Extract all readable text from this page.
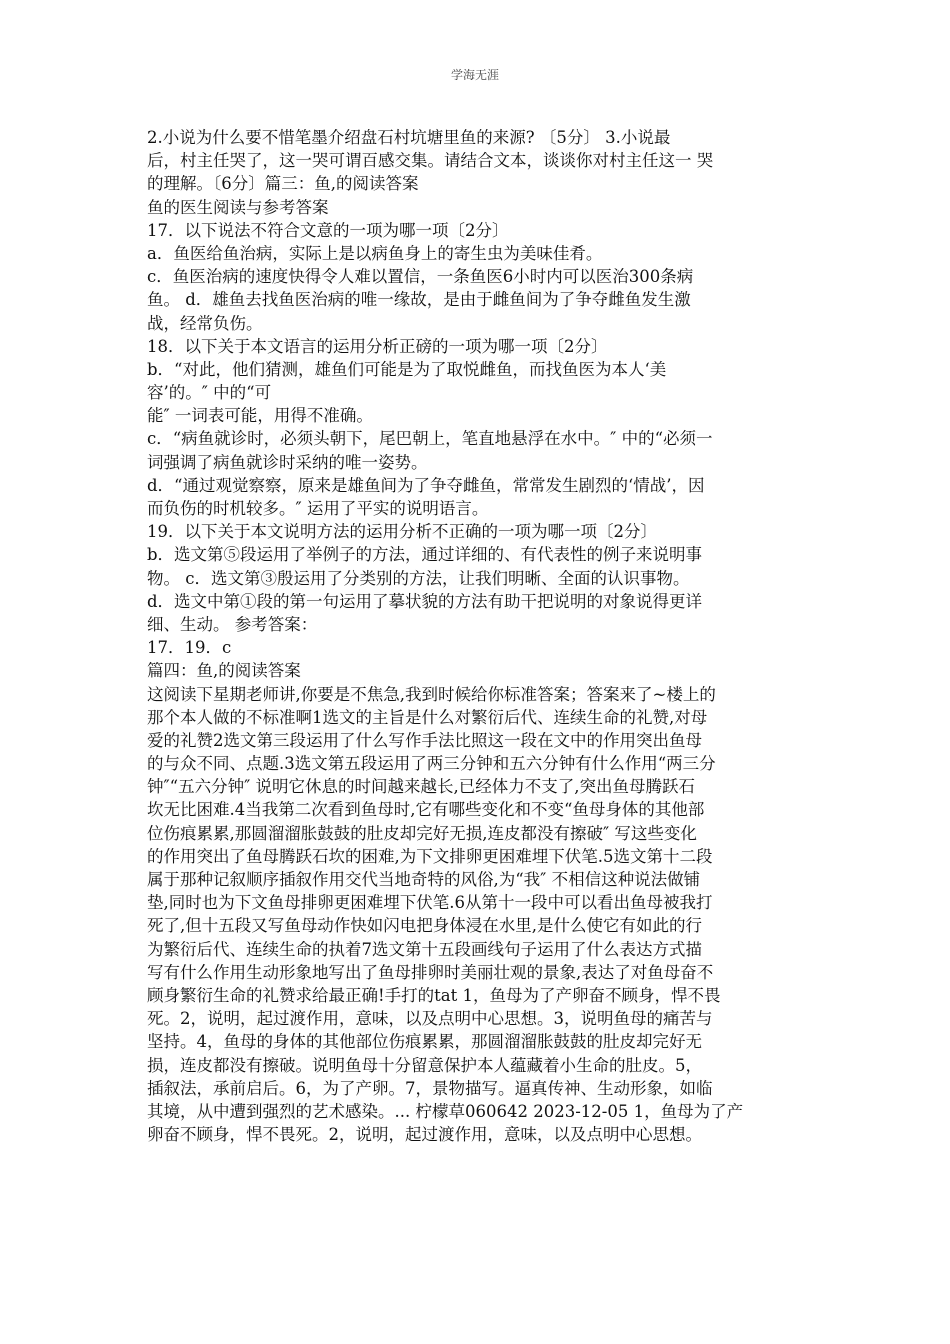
学海无涯
2.小说为什么要不惜笔墨介绍盘石村坑塘里鱼的来源? 〔5分〕 3.小说最
后，村主任哭了，这一哭可谓百感交集。请结合文本，谈谈你对村主任这一 哭
的理解。〔6分〕篇三：鱼,的阅读答案
鱼的医生阅读与参考答案
17．以下说法不符合文意的一项为哪一项〔2分〕
a．鱼医给鱼治病，实际上是以病鱼身上的寄生虫为美味佳肴。
c．鱼医治病的速度快得令人难以置信，一条鱼医6小时内可以医治300条病
鱼。 d．雄鱼去找鱼医治病的唯一缘故，是由于雌鱼间为了争夺雌鱼发生激
战，经常负伤。
18．以下关于本文语言的运用分析正磅的一项为哪一项〔2分〕
b．“对此，他们猜测，雄鱼们可能是为了取悦雌鱼，而找鱼医为本人‘美
容’的。″ 中的“可
能″ 一词表可能，用得不准确。
c．“病鱼就诊时，必须头朝下，尾巴朝上，笔直地悬浮在水中。″ 中的“必须一
词强调了病鱼就诊时采纳的唯一姿势。
d．“通过观觉察察，原来是雄鱼间为了争夺雌鱼，常常发生剧烈的‘情战’，因
而负伤的时机较多。″ 运用了平实的说明语言。
19．以下关于本文说明方法的运用分析不正确的一项为哪一项〔2分〕
b．选文第⑤段运用了举例子的方法，通过详细的、有代表性的例子来说明事
物。 c．选文第③殷运用了分类别的方法，让我们明晰、全面的认识事物。
d．选文中第①段的第一句运用了摹状貌的方法有助干把说明的对象说得更详
细、生动。 参考答案：
17．19．c
篇四：鱼,的阅读答案
这阅读下星期老师讲,你要是不焦急,我到时候给你标准答案；答案来了~楼上的
那个本人做的不标准啊1选文的主旨是什么对繁衍后代、连续生命的礼赞,对母
爱的礼赞2选文第三段运用了什么写作手法比照这一段在文中的作用突出鱼母
的与众不同、点题.3选文第五段运用了两三分钟和五六分钟有什么作用“两三分
钟″“五六分钟″ 说明它休息的时间越来越长,已经体力不支了,突出鱼母腾跃石
坎无比困难.4当我第二次看到鱼母时,它有哪些变化和不变“鱼母身体的其他部
位伤痕累累,那圆溜溜胀鼓鼓的肚皮却完好无损,连皮都没有擦破″ 写这些变化
的作用突出了鱼母腾跃石坎的困难,为下文排卵更困难埋下伏笔.5选文第十二段
属于那种记叙顺序插叙作用交代当地奇特的风俗,为“我″ 不相信这种说法做铺
垫,同时也为下文鱼母排卵更困难埋下伏笔.6从第十一段中可以看出鱼母被我打
死了,但十五段又写鱼母动作快如闪电把身体浸在水里,是什么使它有如此的行
为繁衍后代、连续生命的执着7选文第十五段画线句子运用了什么表达方式描
写有什么作用生动形象地写出了鱼母排卵时美丽壮观的景象,表达了对鱼母奋不
顾身繁衍生命的礼赞求给最正确!手打的tat 1，鱼母为了产卵奋不顾身，悍不畏
死。2，说明，起过渡作用，意味，以及点明中心思想。3，说明鱼母的痛苦与
坚持。4，鱼母的身体的其他部位伤痕累累，那圆溜溜胀鼓鼓的肚皮却完好无
损，连皮都没有擦破。说明鱼母十分留意保护本人蕴藏着小生命的肚皮。5，
插叙法，承前启后。6，为了产卵。7，景物描写。逼真传神、生动形象，如临
其境，从中遭到强烈的艺术感染。... 柠檬草060642 2023-12-05 1，鱼母为了产
卵奋不顾身，悍不畏死。2，说明，起过渡作用，意味，以及点明中心思想。
